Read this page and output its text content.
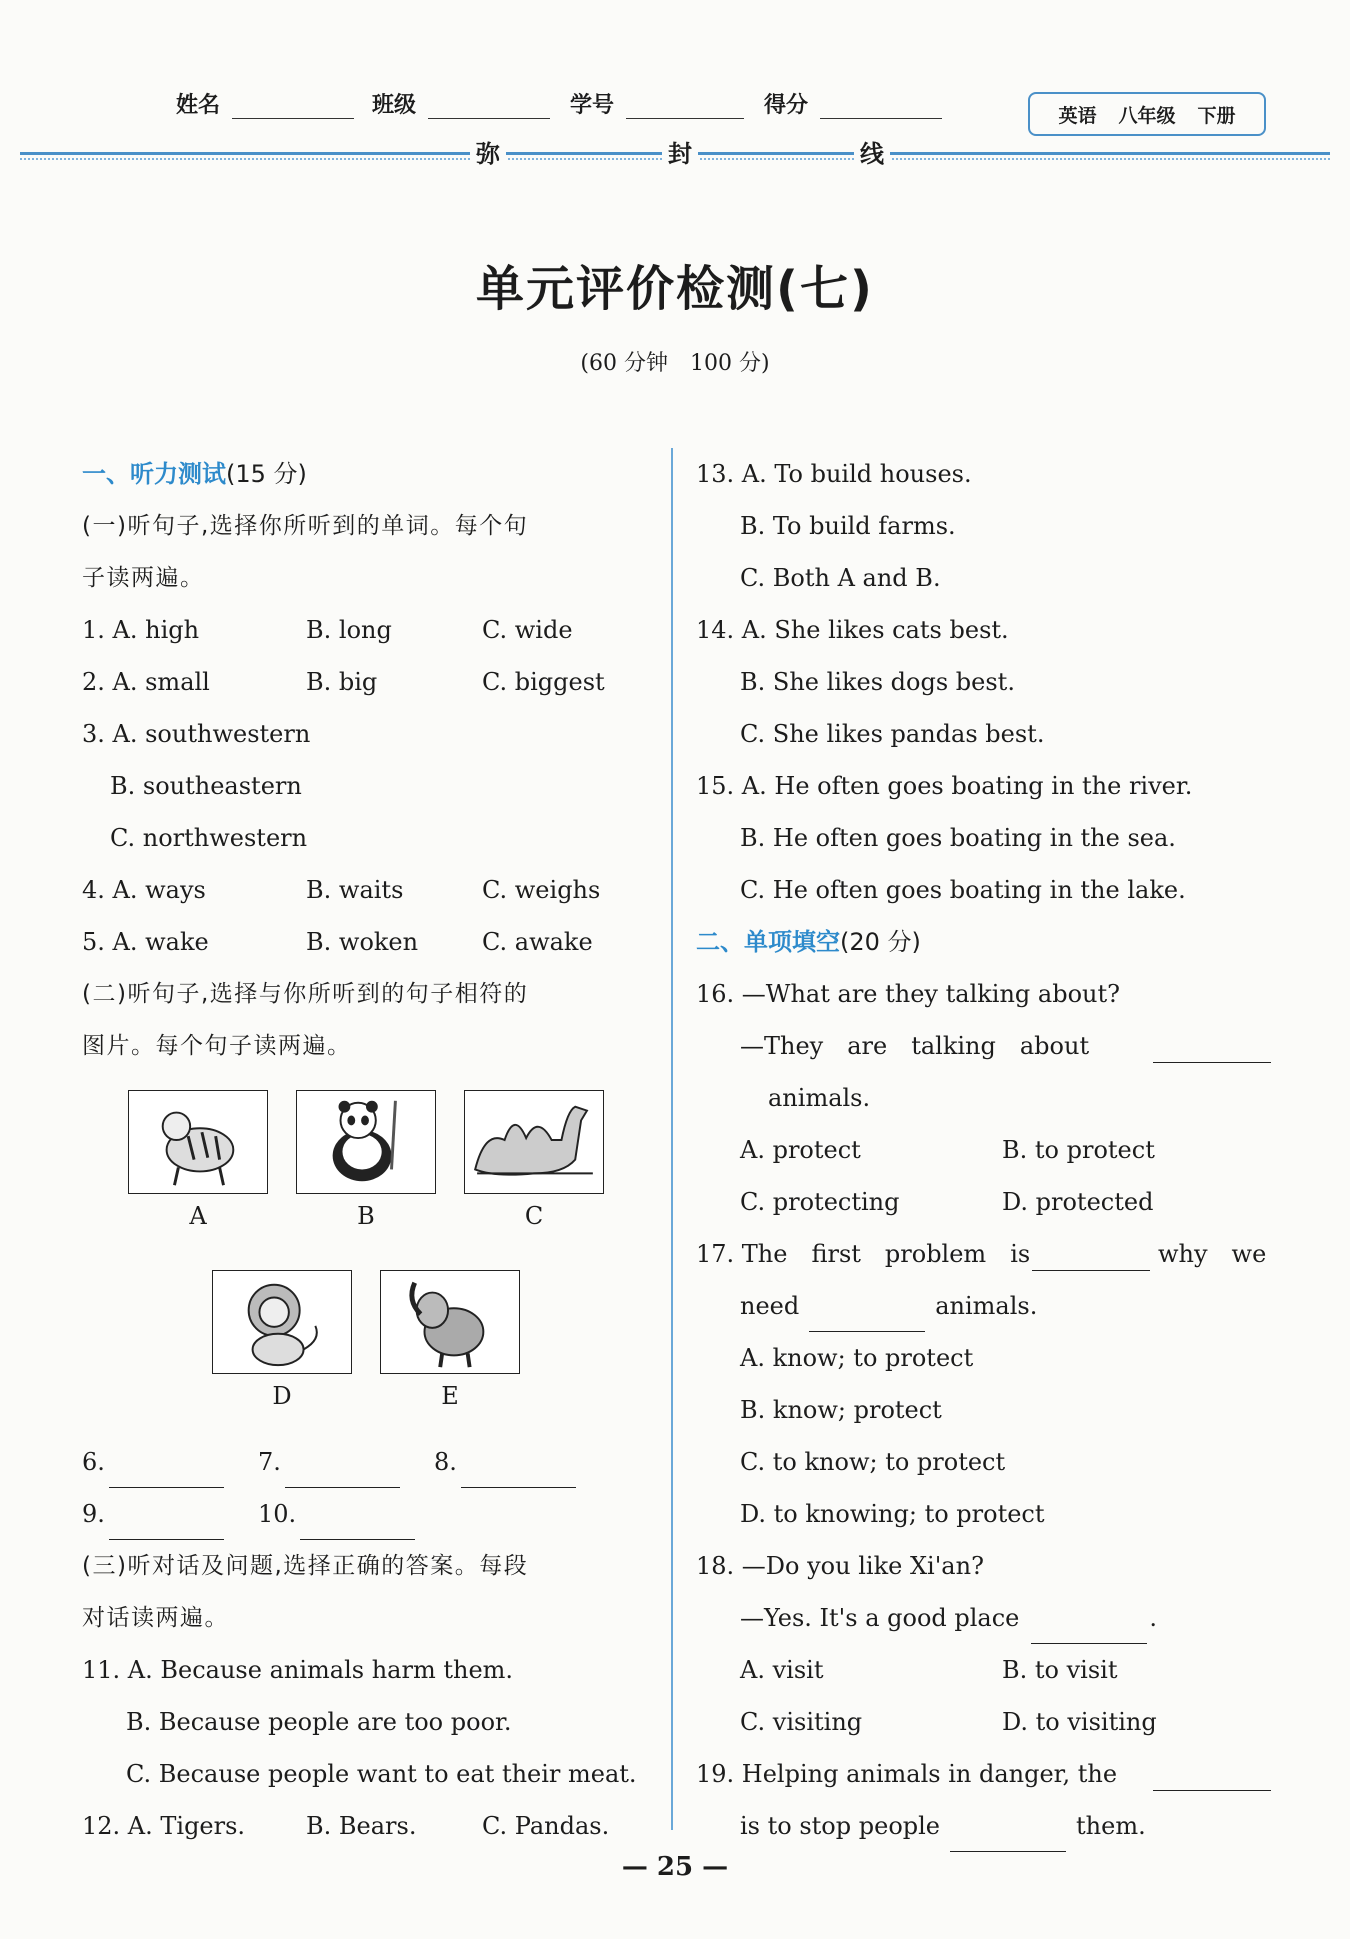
姓名	班级	学号	得分	英语 八年级 下册
弥	封	线
单元评价检测(七)
(60 分钟　100 分)
一、听力测试(15 分)
(一)听句子,选择你所听到的单词。每个句
子读两遍。
1. A. high	B. long	C. wide
2. A. small	B. big	C. biggest
3. A. southwestern
B. southeastern
C. northwestern
4. A. ways	B. waits	C. weighs
5. A. wake	B. woken	C. awake
(二)听句子,选择与你所听到的句子相符的
图片。每个句子读两遍。
A	B	C
D	E
6.	7.	8.
9.	10.
(三)听对话及问题,选择正确的答案。每段
对话读两遍。
11. A. Because animals harm them.
B. Because people are too poor.
C. Because people want to eat their meat.
12. A. Tigers.	B. Bears.	C. Pandas.
13. A. To build houses.
B. To build farms.
C. Both A and B.
14. A. She likes cats best.
B. She likes dogs best.
C. She likes pandas best.
15. A. He often goes boating in the river.
B. He often goes boating in the sea.
C. He often goes boating in the lake.
二、单项填空(20 分)
16. —What are they talking about?
—They　are　talking　about
animals.
A. protect	B. to protect
C. protecting	D. protected
17. The　first　problem　is	why　we
need	animals.
A. know; to protect
B. know; protect
C. to know; to protect
D. to knowing; to protect
18. —Do you like Xi'an?
—Yes. It's a good place	.
A. visit	B. to visit
C. visiting	D. to visiting
19. Helping animals in danger, the
is to stop people	them.
— 25 —
